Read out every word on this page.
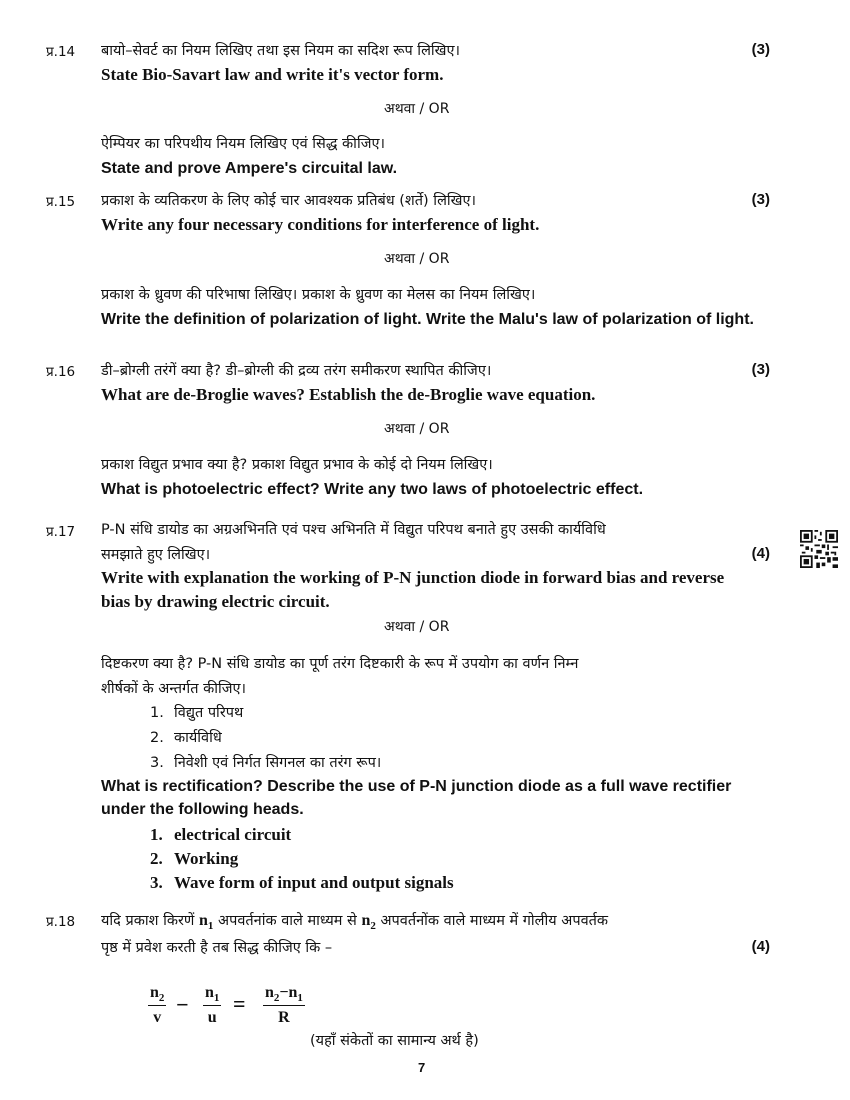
प्र.14 बायो–सेवर्ट का नियम लिखिए तथा इस नियम का सदिश रूप लिखिए।	(3)
State Bio-Savart law and write it's vector form.
अथवा / OR
ऐम्पियर का परिपथीय नियम लिखिए एवं सिद्ध कीजिए।
State and prove Ampere's circuital law.
प्र.15 प्रकाश के व्यतिकरण के लिए कोई चार आवश्यक प्रतिबंध (शर्ते) लिखिए।	(3)
Write any four necessary conditions for interference of light.
अथवा / OR
प्रकाश के ध्रुवण की परिभाषा लिखिए। प्रकाश के ध्रुवण का मेलस का नियम लिखिए।
Write the definition of polarization of light. Write the Malu's law of polarization of light.
प्र.16 डी–ब्रोग्ली तरंगें क्या है? डी–ब्रोग्ली की द्रव्य तरंग समीकरण स्थापित कीजिए।	(3)
What are de-Broglie waves? Establish the de-Broglie wave equation.
अथवा / OR
प्रकाश विद्युत प्रभाव क्या है? प्रकाश विद्युत प्रभाव के कोई दो नियम लिखिए।
What is photoelectric effect? Write any two laws of photoelectric effect.
प्र.17 P-N संधि डायोड का अग्रअभिनति एवं पश्च अभिनति में विद्युत परिपथ बनाते हुए उसकी कार्यविधि
समझाते हुए लिखिए।	(4)
Write with explanation the working of P-N junction diode in forward bias and reverse
bias by drawing electric circuit.
अथवा / OR
दिष्टकरण क्या है? P-N संधि डायोड का पूर्ण तरंग दिष्टकारी के रूप में उपयोग का वर्णन निम्न
शीर्षकों के अन्तर्गत कीजिए।
1. विद्युत परिपथ
2. कार्यविधि
3. निवेशी एवं निर्गत सिगनल का तरंग रूप।
What is rectification? Describe the use of P-N junction diode as a full wave rectifier
under the following heads.
1. electrical circuit
2. Working
3. Wave form of input and output signals
प्र.18 यदि प्रकाश किरणें $n_1$ अपवर्तनांक वाले माध्यम से $n_2$ अपवर्तनोंक वाले माध्यम में गोलीय अपवर्तक
पृष्ठ में प्रवेश करती है तब सिद्ध कीजिए कि –	(4)
$\frac{n_2}{v} - \frac{n_1}{u} = \frac{n_2-n_1}{R}$
(यहाँ संकेतों का सामान्य अर्थ है)
7
